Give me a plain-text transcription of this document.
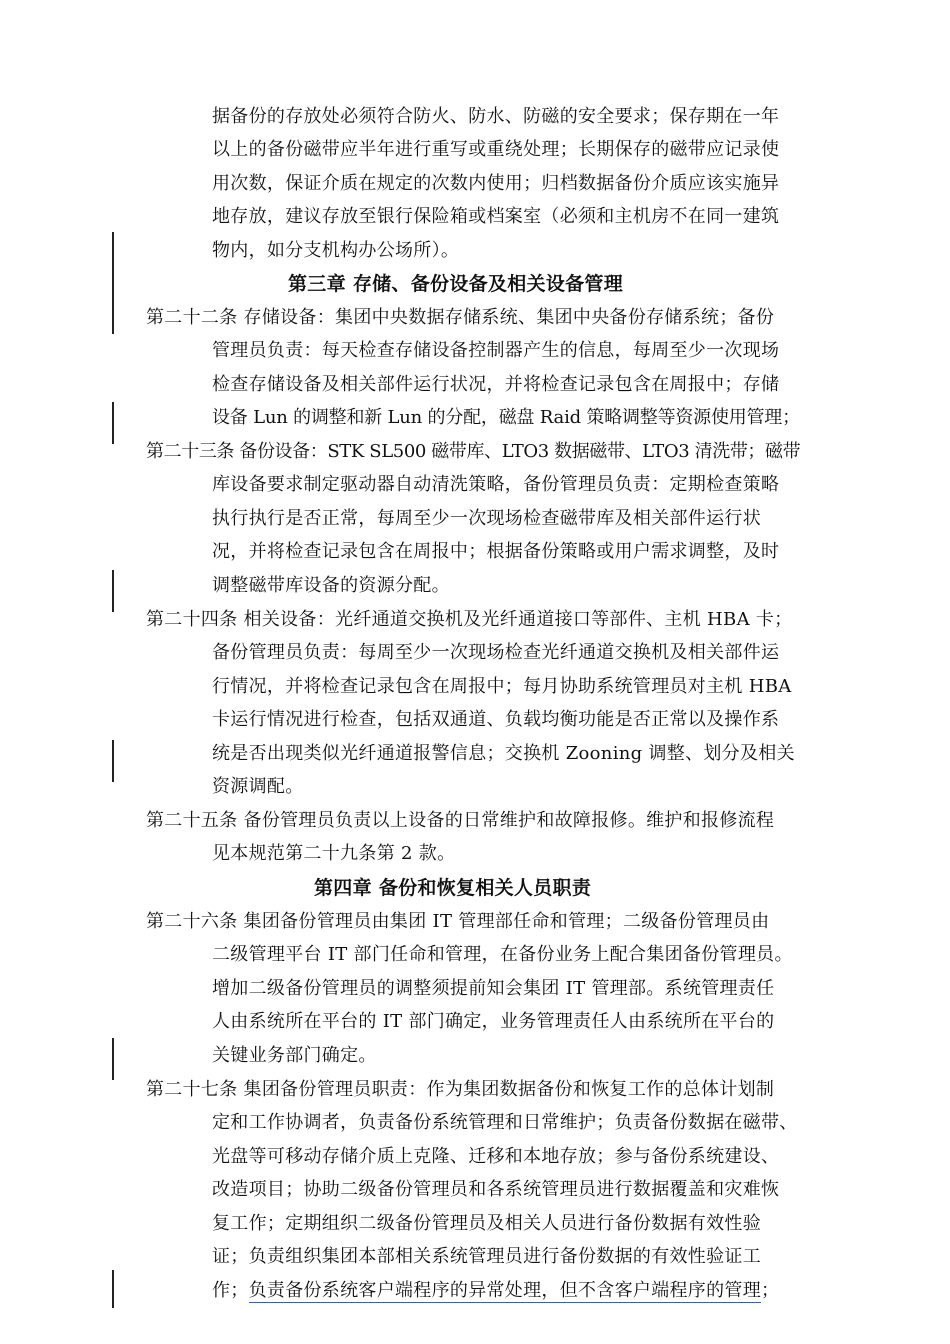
据备份的存放处必须符合防火、防水、防磁的安全要求；保存期在一年
以上的备份磁带应半年进行重写或重绕处理；长期保存的磁带应记录使
用次数，保证介质在规定的次数内使用；归档数据备份介质应该实施异
地存放，建议存放至银行保险箱或档案室（必须和主机房不在同一建筑
物内，如分支机构办公场所）。
第三章 存储、备份设备及相关设备管理
第二十二条 存储设备：集团中央数据存储系统、集团中央备份存储系统；备份
管理员负责：每天检查存储设备控制器产生的信息，每周至少一次现场
检查存储设备及相关部件运行状况，并将检查记录包含在周报中；存储
设备 Lun 的调整和新 Lun 的分配，磁盘 Raid 策略调整等资源使用管理；
第二十三条 备份设备：STK SL500 磁带库、LTO3 数据磁带、LTO3 清洗带；磁带
库设备要求制定驱动器自动清洗策略，备份管理员负责：定期检查策略
执行执行是否正常，每周至少一次现场检查磁带库及相关部件运行状
况，并将检查记录包含在周报中；根据备份策略或用户需求调整，及时
调整磁带库设备的资源分配。
第二十四条 相关设备：光纤通道交换机及光纤通道接口等部件、主机 HBA 卡；
备份管理员负责：每周至少一次现场检查光纤通道交换机及相关部件运
行情况，并将检查记录包含在周报中；每月协助系统管理员对主机 HBA
卡运行情况进行检查，包括双通道、负载均衡功能是否正常以及操作系
统是否出现类似光纤通道报警信息；交换机 Zooning 调整、划分及相关
资源调配。
第二十五条 备份管理员负责以上设备的日常维护和故障报修。维护和报修流程
见本规范第二十九条第 2 款。
第四章 备份和恢复相关人员职责
第二十六条 集团备份管理员由集团 IT 管理部任命和管理；二级备份管理员由
二级管理平台 IT 部门任命和管理，在备份业务上配合集团备份管理员。
增加二级备份管理员的调整须提前知会集团 IT 管理部。系统管理责任
人由系统所在平台的 IT 部门确定，业务管理责任人由系统所在平台的
关键业务部门确定。
第二十七条 集团备份管理员职责：作为集团数据备份和恢复工作的总体计划制
定和工作协调者，负责备份系统管理和日常维护；负责备份数据在磁带、
光盘等可移动存储介质上克隆、迁移和本地存放；参与备份系统建设、
改造项目；协助二级备份管理员和各系统管理员进行数据覆盖和灾难恢
复工作；定期组织二级备份管理员及相关人员进行备份数据有效性验
证；负责组织集团本部相关系统管理员进行备份数据的有效性验证工
作；负责备份系统客户端程序的异常处理，但不含客户端程序的管理；
